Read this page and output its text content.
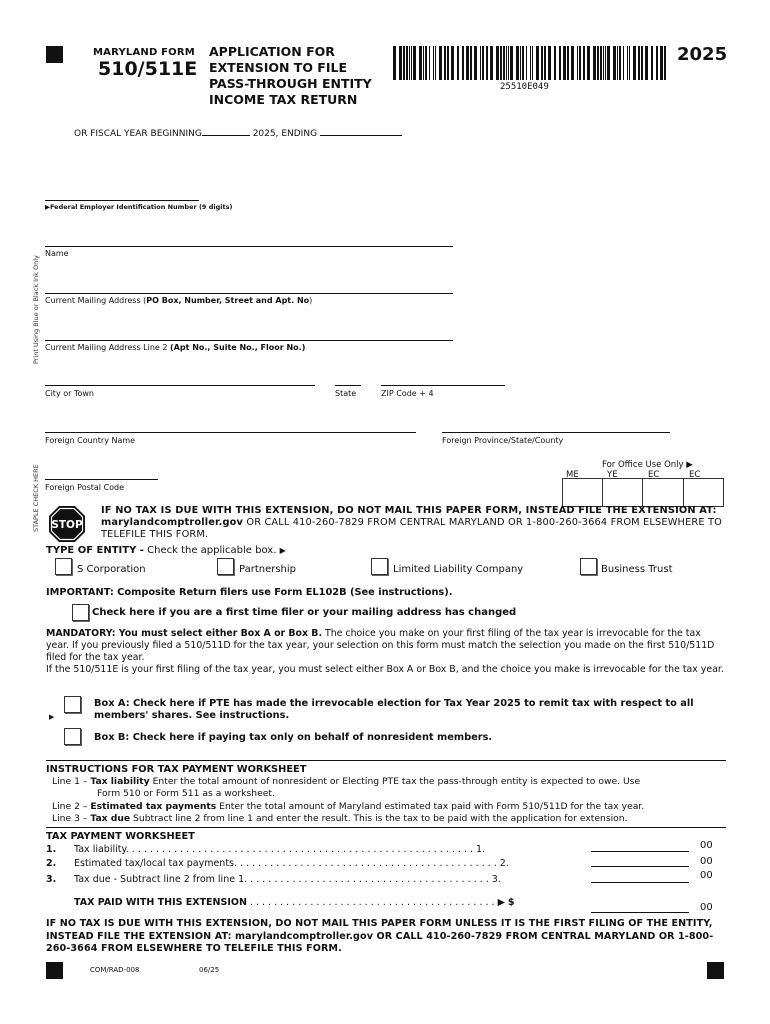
MARYLAND FORM
510/511E
APPLICATION FOR
EXTENSION TO FILE
PASS-THROUGH ENTITY
INCOME TAX RETURN
25510E049
2025
OR FISCAL YEAR BEGINNING	2025, ENDING
Print Using Blue or Black Ink Only
STAPLE CHECK HERE
▶Federal Employer Identification Number (9 digits)
Name
Current Mailing Address (PO Box, Number, Street and Apt. No)
Current Mailing Address Line 2 (Apt No., Suite No., Floor No.)
City or Town	State	ZIP Code + 4
Foreign Country Name	Foreign Province/State/County
Foreign Postal Code
For Office Use Only ▶
ME	YE	EC	EC
STOP
IF NO TAX IS DUE WITH THIS EXTENSION, DO NOT MAIL THIS PAPER FORM, INSTEAD FILE THE EXTENSION AT: marylandcomptroller.gov OR CALL 410-260-7829 FROM CENTRAL MARYLAND OR 1-800-260-3664 FROM ELSEWHERE TO TELEFILE THIS FORM.
TYPE OF ENTITY - Check the applicable box. ▶
S Corporation	Partnership	Limited Liability Company	Business Trust
IMPORTANT: Composite Return filers use Form EL102B (See instructions).
Check here if you are a first time filer or your mailing address has changed
MANDATORY: You must select either Box A or Box B. The choice you make on your first filing of the tax year is irrevocable for the tax year. If you previously filed a 510/511D for the tax year, your selection on this form must match the selection you made on the first 510/511D filed for the tax year.
If the 510/511E is your first filing of the tax year, you must select either Box A or Box B, and the choice you make is irrevocable for the tax year.
▶
Box A: Check here if PTE has made the irrevocable election for Tax Year 2025 to remit tax with respect to all members' shares. See instructions.
Box B: Check here if paying tax only on behalf of nonresident members.
INSTRUCTIONS FOR TAX PAYMENT WORKSHEET
Line 1 – Tax liability Enter the total amount of nonresident or Electing PTE tax the pass-through entity is expected to owe. Use
Form 510 or Form 511 as a worksheet.
Line 2 – Estimated tax payments Enter the total amount of Maryland estimated tax paid with Form 510/511D for the tax year.
Line 3 – Tax due Subtract line 2 from line 1 and enter the result. This is the tax to be paid with the application for extension.
TAX PAYMENT WORKSHEET
1. Tax liability. . . . . . . . . . . . . . . . . . . . . . . . . . . . . . . . . . . . . . . . . . . . . . . . . . . . . . . . . . 1.	00
2. Estimated tax/local tax payments. . . . . . . . . . . . . . . . . . . . . . . . . . . . . . . . . . . . . . . . . . . . 2.	00
3. Tax due - Subtract line 2 from line 1. . . . . . . . . . . . . . . . . . . . . . . . . . . . . . . . . . . . . . . . . 3.	00
TAX PAID WITH THIS EXTENSION . . . . . . . . . . . . . . . . . . . . . . . . . . . . . . . . . . . . . . . . . ▶ $	00
IF NO TAX IS DUE WITH THIS EXTENSION, DO NOT MAIL THIS PAPER FORM UNLESS IT IS THE FIRST FILING OF THE ENTITY, INSTEAD FILE THE EXTENSION AT: marylandcomptroller.gov OR CALL 410-260-7829 FROM CENTRAL MARYLAND OR 1-800-260-3664 FROM ELSEWHERE TO TELEFILE THIS FORM.
COM/RAD-008	06/25
